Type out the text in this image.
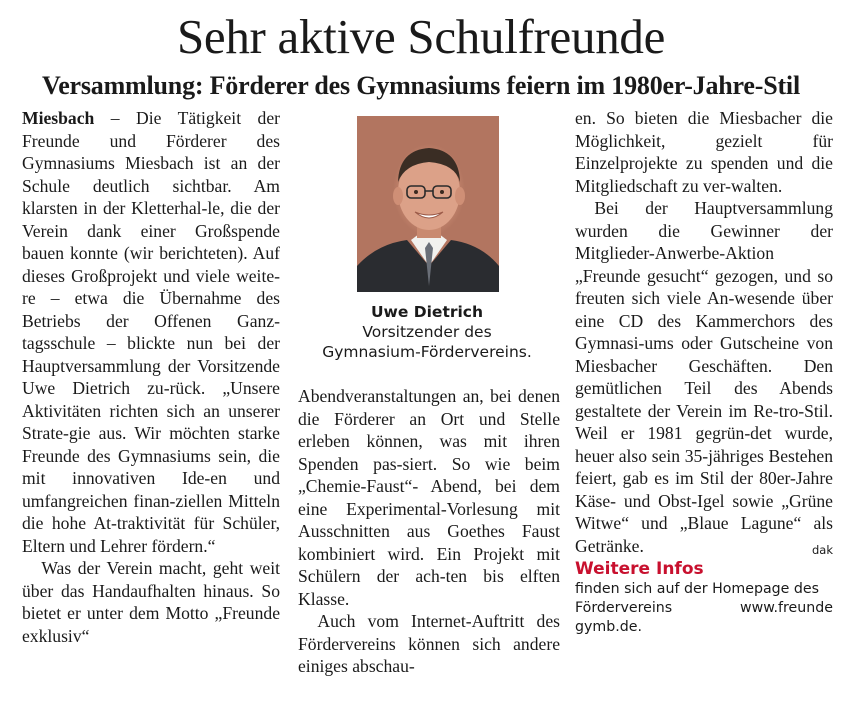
Sehr aktive Schulfreunde
Versammlung: Förderer des Gymnasiums feiern im 1980er-Jahre-Stil

Miesbach – Die Tätigkeit der Freunde und Förderer des Gymnasiums Miesbach ist an der Schule deutlich sichtbar. Am klarsten in der Kletterhal-le, die der Verein dank einer Großspende bauen konnte (wir berichteten). Auf dieses Großprojekt und viele weite-re – etwa die Übernahme des Betriebs der Offenen Ganz-tagsschule – blickte nun bei der Hauptversammlung der Vorsitzende Uwe Dietrich zu-rück. „Unsere Aktivitäten richten sich an unserer Strate-gie aus. Wir möchten starke Freunde des Gymnasiums sein, die mit innovativen Ide-en und umfangreichen finan-ziellen Mitteln die hohe At-traktivität für Schüler, Eltern und Lehrer fördern.“

Was der Verein macht, geht weit über das Handaufhalten hinaus. So bietet er unter dem Motto „Freunde exklusiv“

Uwe Dietrich
Vorsitzender des
Gymnasium-Fördervereins.

Abendveranstaltungen an, bei denen die Förderer an Ort und Stelle erleben können, was mit ihren Spenden pas-siert. So wie beim „Chemie-Faust“- Abend, bei dem eine Experimental-Vorlesung mit Ausschnitten aus Goethes Faust kombiniert wird. Ein Projekt mit Schülern der ach-ten bis elften Klasse.

Auch vom Internet-Auftritt des Fördervereins können sich andere einiges abschau-

en. So bieten die Miesbacher die Möglichkeit, gezielt für Einzelprojekte zu spenden und die Mitgliedschaft zu ver-walten.

Bei der Hauptversammlung wurden die Gewinner der Mitglieder-Anwerbe-Aktion „Freunde gesucht“ gezogen, und so freuten sich viele An-wesende über eine CD des Kammerchors des Gymnasi-ums oder Gutscheine von Miesbacher Geschäften. Den gemütlichen Teil des Abends gestaltete der Verein im Re-tro-Stil. Weil er 1981 gegrün-det wurde, heuer also sein 35-jähriges Bestehen feiert, gab es im Stil der 80er-Jahre Käse- und Obst-Igel sowie „Grüne Witwe“ und „Blaue Lagune“ als Getränke.	dak

Weitere Infos
finden sich auf der Homepage des
Fördervereins	www.freunde
gymb.de.
